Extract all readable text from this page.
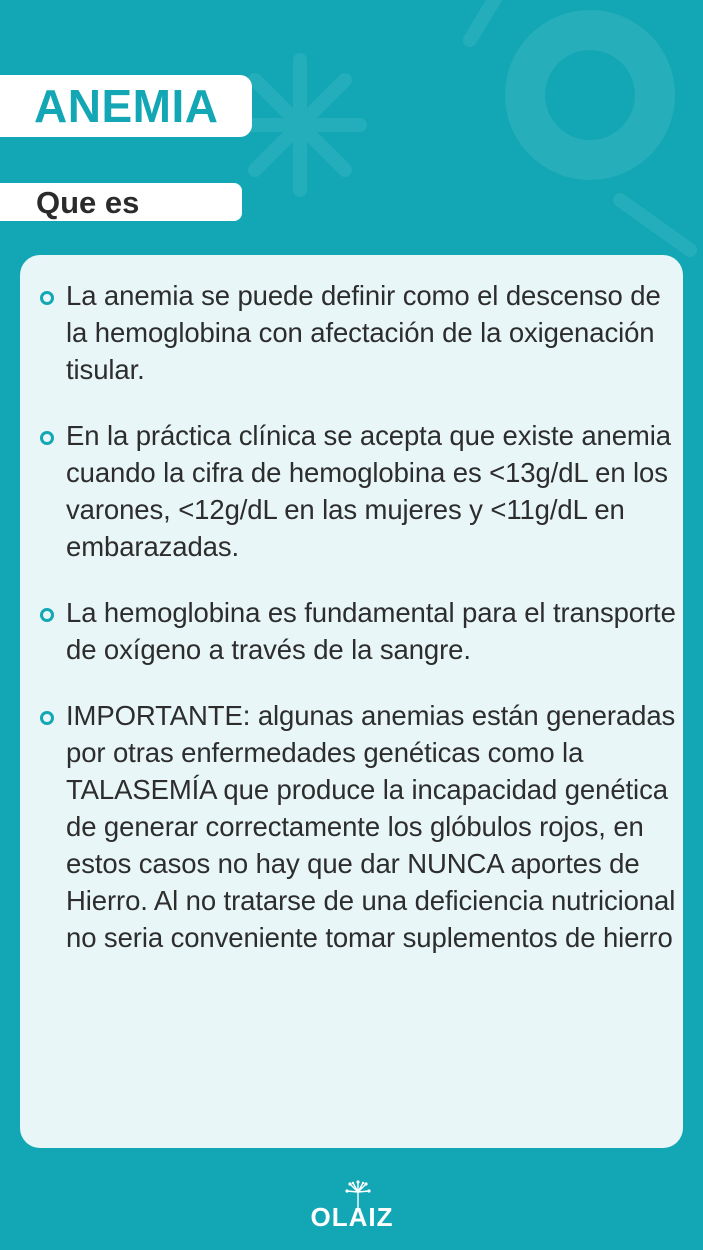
ANEMIA
Que es
La anemia se puede definir como el descenso de la hemoglobina con afectación de la oxigenación tisular.
En la práctica clínica se acepta que existe anemia cuando la cifra de hemoglobina es <13g/dL en los varones, <12g/dL en las mujeres y <11g/dL en embarazadas.
La hemoglobina es fundamental para el transporte de oxígeno a través de la sangre.
IMPORTANTE: algunas anemias están generadas por otras enfermedades genéticas como la TALASEMÍA que produce la incapacidad genética de generar correctamente los glóbulos rojos, en estos casos no hay que dar NUNCA aportes de Hierro. Al no tratarse de una deficiencia nutricional no seria conveniente tomar suplementos de hierro
OLAIZ
